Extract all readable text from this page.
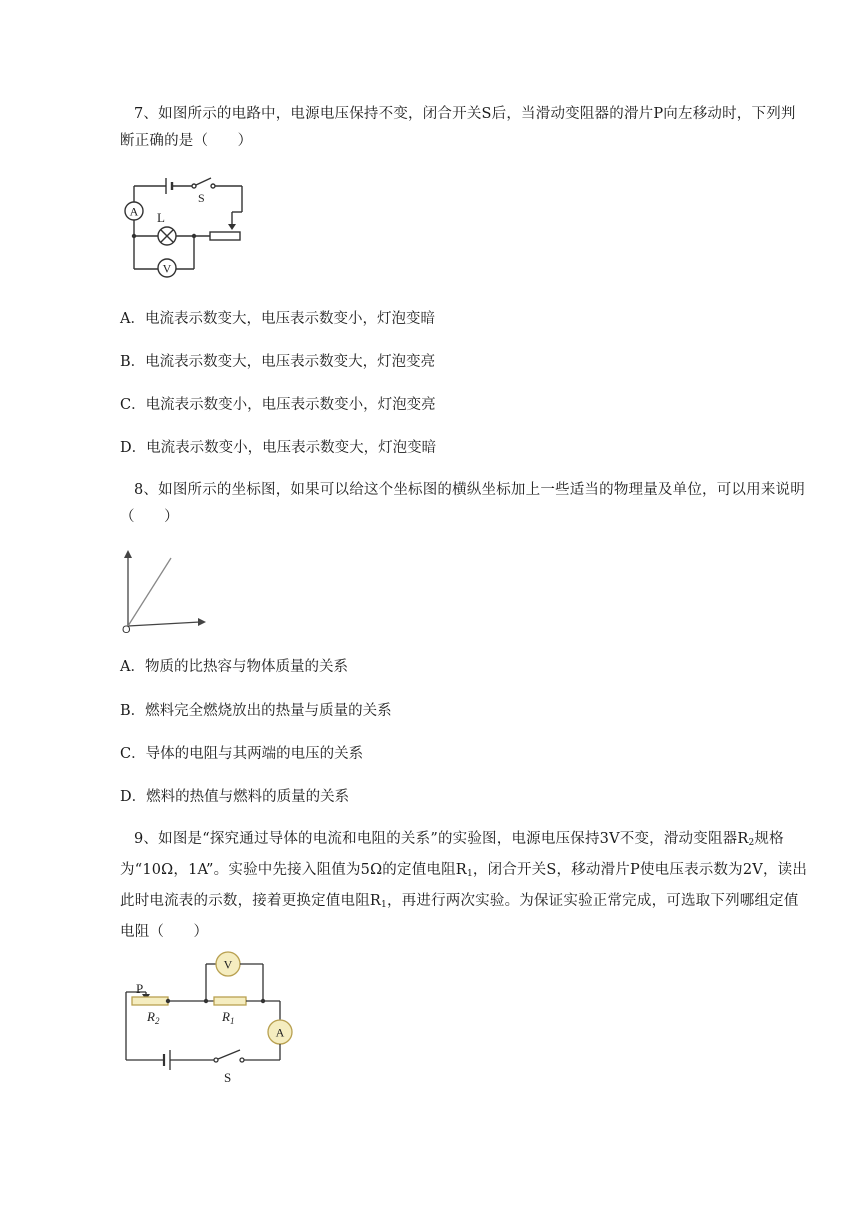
7、如图所示的电路中，电源电压保持不变，闭合开关S后，当滑动变阻器的滑片P向左移动时，下列判断正确的是（　　）

A
V
S
L

A．电流表示数变大，电压表示数变小，灯泡变暗

B．电流表示数变大，电压表示数变大，灯泡变亮

C．电流表示数变小，电压表示数变小，灯泡变亮

D．电流表示数变小，电压表示数变大，灯泡变暗

8、如图所示的坐标图，如果可以给这个坐标图的横纵坐标加上一些适当的物理量及单位，可以用来说明（　　）

O

A．物质的比热容与物体质量的关系

B．燃料完全燃烧放出的热量与质量的关系

C．导体的电阻与其两端的电压的关系

D．燃料的热值与燃料的质量的关系

9、如图是“探究通过导体的电流和电阻的关系”的实验图，电源电压保持3V不变，滑动变阻器$R_2$规格为“10Ω，1A”。实验中先接入阻值为5Ω的定值电阻$R_1$，闭合开关S，移动滑片P使电压表示数为2V，读出此时电流表的示数，接着更换定值电阻$R_1$，再进行两次实验。为保证实验正常完成，可选取下列哪组定值电阻（　　）

V
A
P
$R_2$	$R_1$
S
